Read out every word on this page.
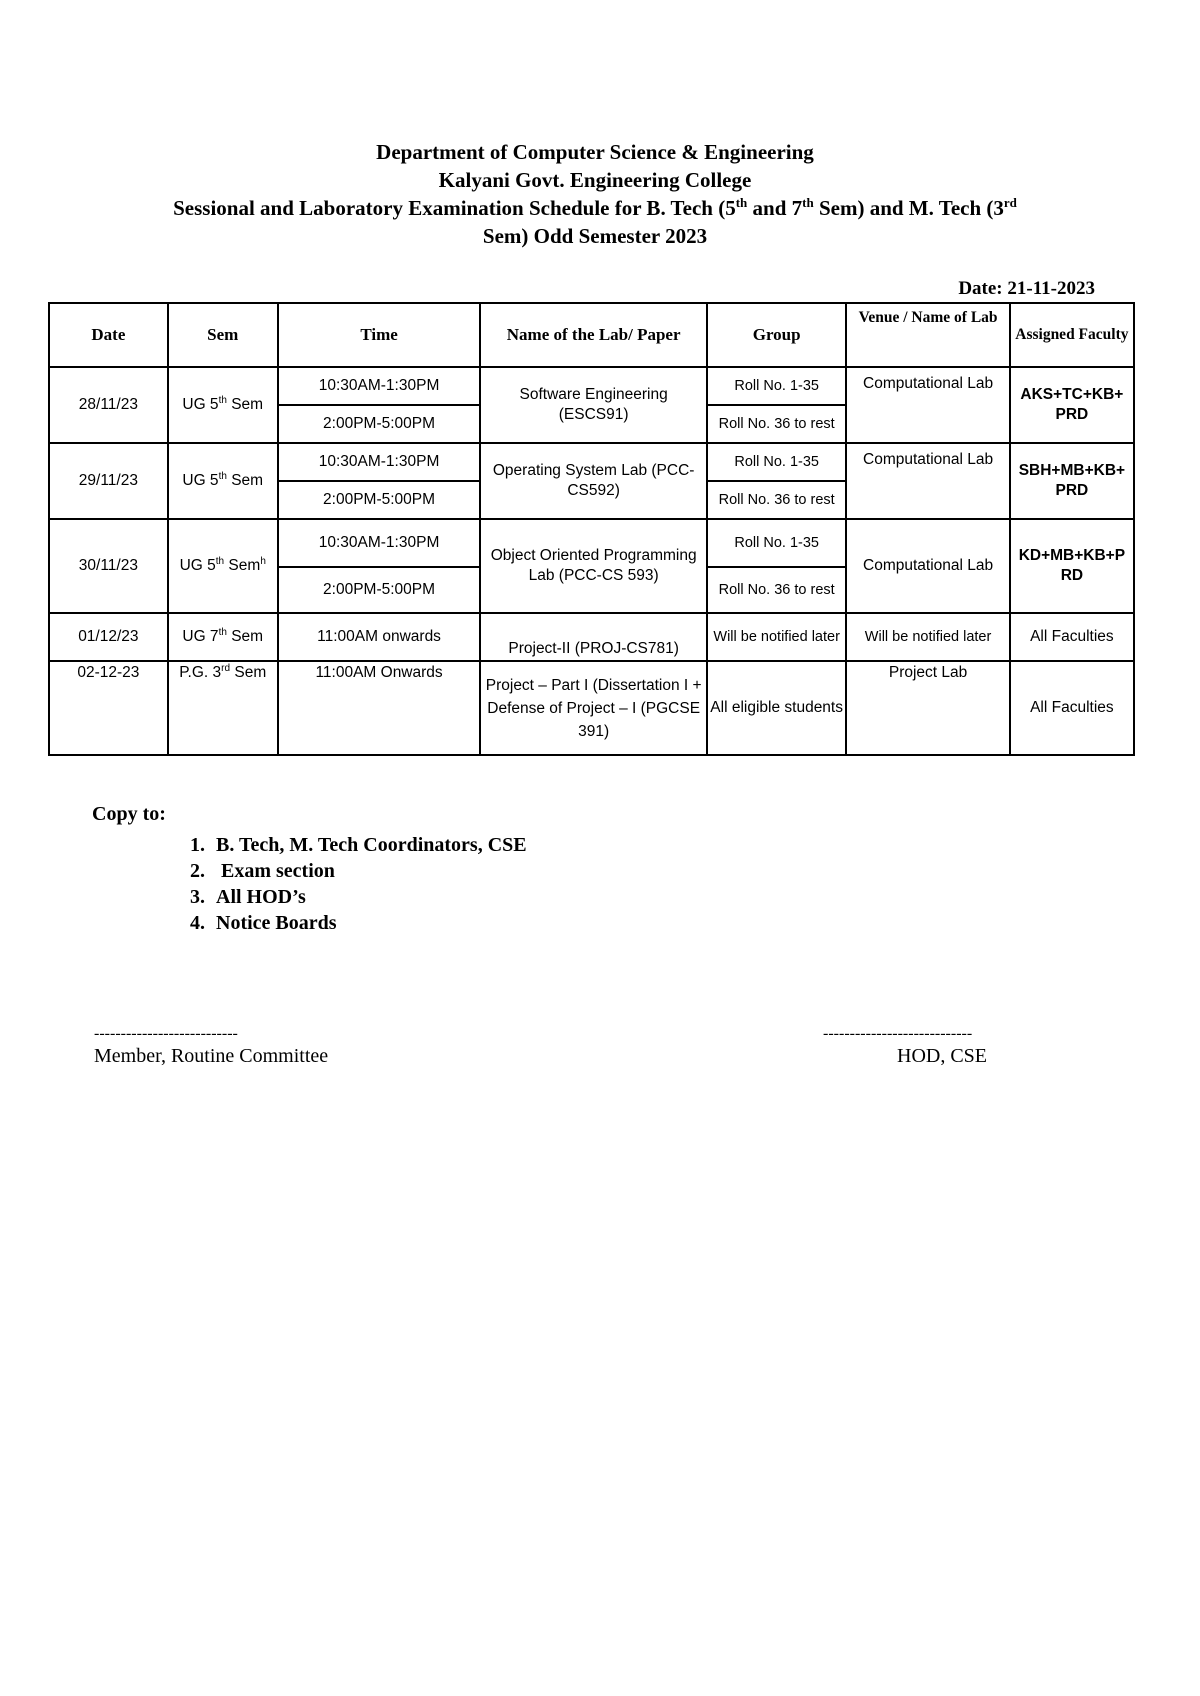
Department of Computer Science & Engineering
Kalyani Govt. Engineering College
Sessional and Laboratory Examination Schedule for B. Tech (5th and 7th Sem) and M. Tech (3rd
Sem) Odd Semester 2023
Date: 21-11-2023
Date	Sem	Time	Name of the Lab/ Paper	Group	Venue / Name of Lab	Assigned Faculty
28/11/23	UG 5th Sem	10:30AM-1:30PM	Software Engineering (ESCS91)	Roll No. 1-35	Computational Lab	AKS+TC+KB+ PRD
		2:00PM-5:00PM		Roll No. 36 to rest		
29/11/23	UG 5th Sem	10:30AM-1:30PM	Operating System Lab (PCC-CS592)	Roll No. 1-35	Computational Lab	SBH+MB+KB+ PRD
		2:00PM-5:00PM		Roll No. 36 to rest		
30/11/23	UG 5th Sem$^h$	10:30AM-1:30PM	Object Oriented Programming Lab (PCC-CS 593)	Roll No. 1-35	Computational Lab	KD+MB+KB+P RD
		2:00PM-5:00PM		Roll No. 36 to rest		
01/12/23	UG 7th Sem	11:00AM onwards	Project-II (PROJ-CS781)	Will be notified later	Will be notified later	All Faculties
02-12-23	P.G. 3rd Sem	11:00AM Onwards	Project – Part I (Dissertation I + Defense of Project – I (PGCSE 391)	All eligible students	Project Lab	All Faculties
Copy to:
1. B. Tech, M. Tech Coordinators, CSE
2.  Exam section
3. All HOD’s
4. Notice Boards
---------------------------
Member, Routine Committee
----------------------------
HOD, CSE
